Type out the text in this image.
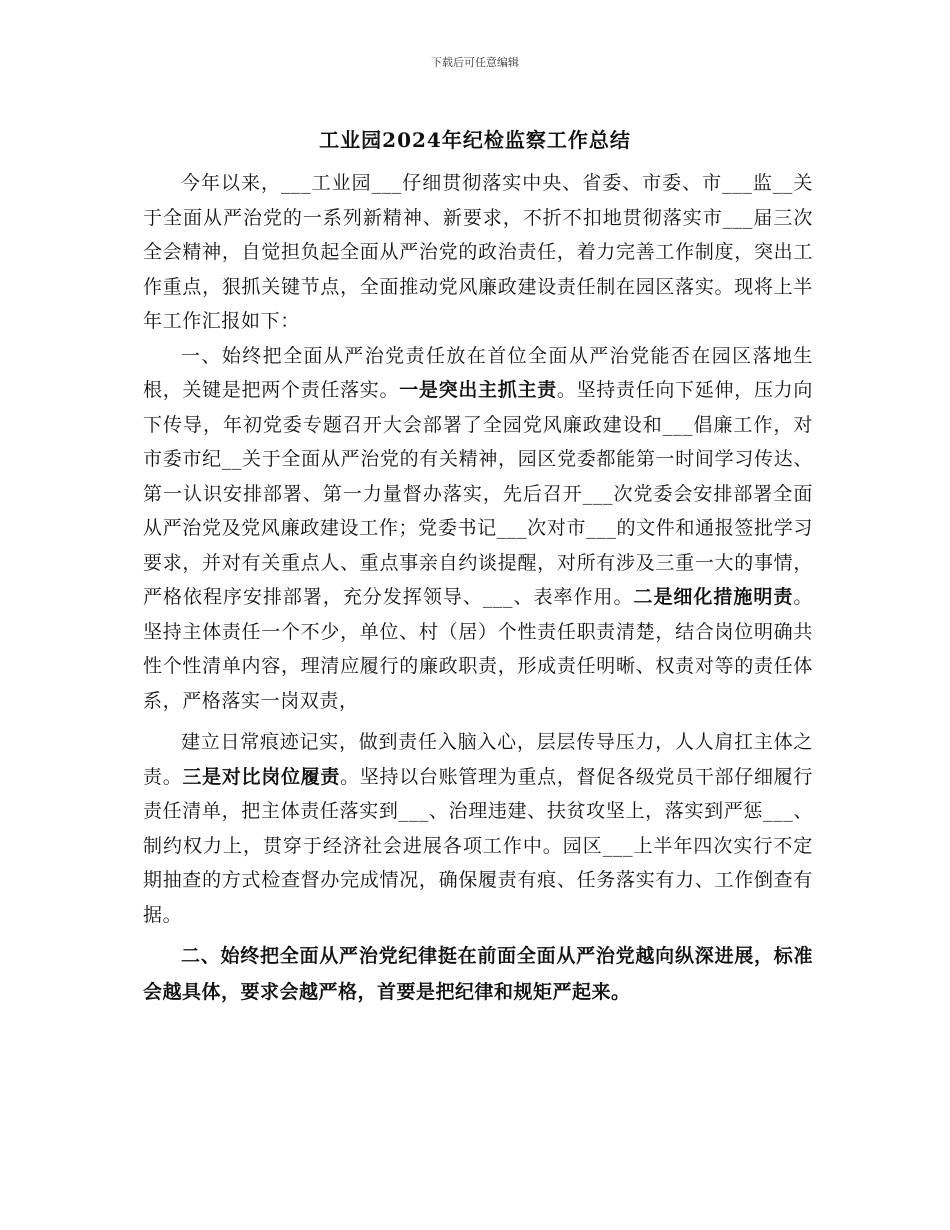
下载后可任意编辑
工业园2024年纪检监察工作总结

今年以来，___工业园___仔细贯彻落实中央、省委、市委、市___监__关于全面从严治党的一系列新精神、新要求，不折不扣地贯彻落实市___届三次全会精神，自觉担负起全面从严治党的政治责任，着力完善工作制度，突出工作重点，狠抓关键节点，全面推动党风廉政建设责任制在园区落实。现将上半年工作汇报如下：

一、始终把全面从严治党责任放在首位全面从严治党能否在园区落地生根，关键是把两个责任落实。一是突出主抓主责。坚持责任向下延伸，压力向下传导，年初党委专题召开大会部署了全园党风廉政建设和___倡廉工作，对市委市纪__关于全面从严治党的有关精神，园区党委都能第一时间学习传达、第一认识安排部署、第一力量督办落实，先后召开___次党委会安排部署全面从严治党及党风廉政建设工作；党委书记___次对市___的文件和通报签批学习要求，并对有关重点人、重点事亲自约谈提醒，对所有涉及三重一大的事情，严格依程序安排部署，充分发挥领导、___、表率作用。二是细化措施明责。坚持主体责任一个不少，单位、村（居）个性责任职责清楚，结合岗位明确共性个性清单内容，理清应履行的廉政职责，形成责任明晰、权责对等的责任体系，严格落实一岗双责，

建立日常痕迹记实，做到责任入脑入心，层层传导压力，人人肩扛主体之责。三是对比岗位履责。坚持以台账管理为重点，督促各级党员干部仔细履行责任清单，把主体责任落实到___、治理违建、扶贫攻坚上，落实到严惩___、制约权力上，贯穿于经济社会进展各项工作中。园区___上半年四次实行不定期抽查的方式检查督办完成情况，确保履责有痕、任务落实有力、工作倒查有据。

二、始终把全面从严治党纪律挺在前面全面从严治党越向纵深进展，标准会越具体，要求会越严格，首要是把纪律和规矩严起来。
